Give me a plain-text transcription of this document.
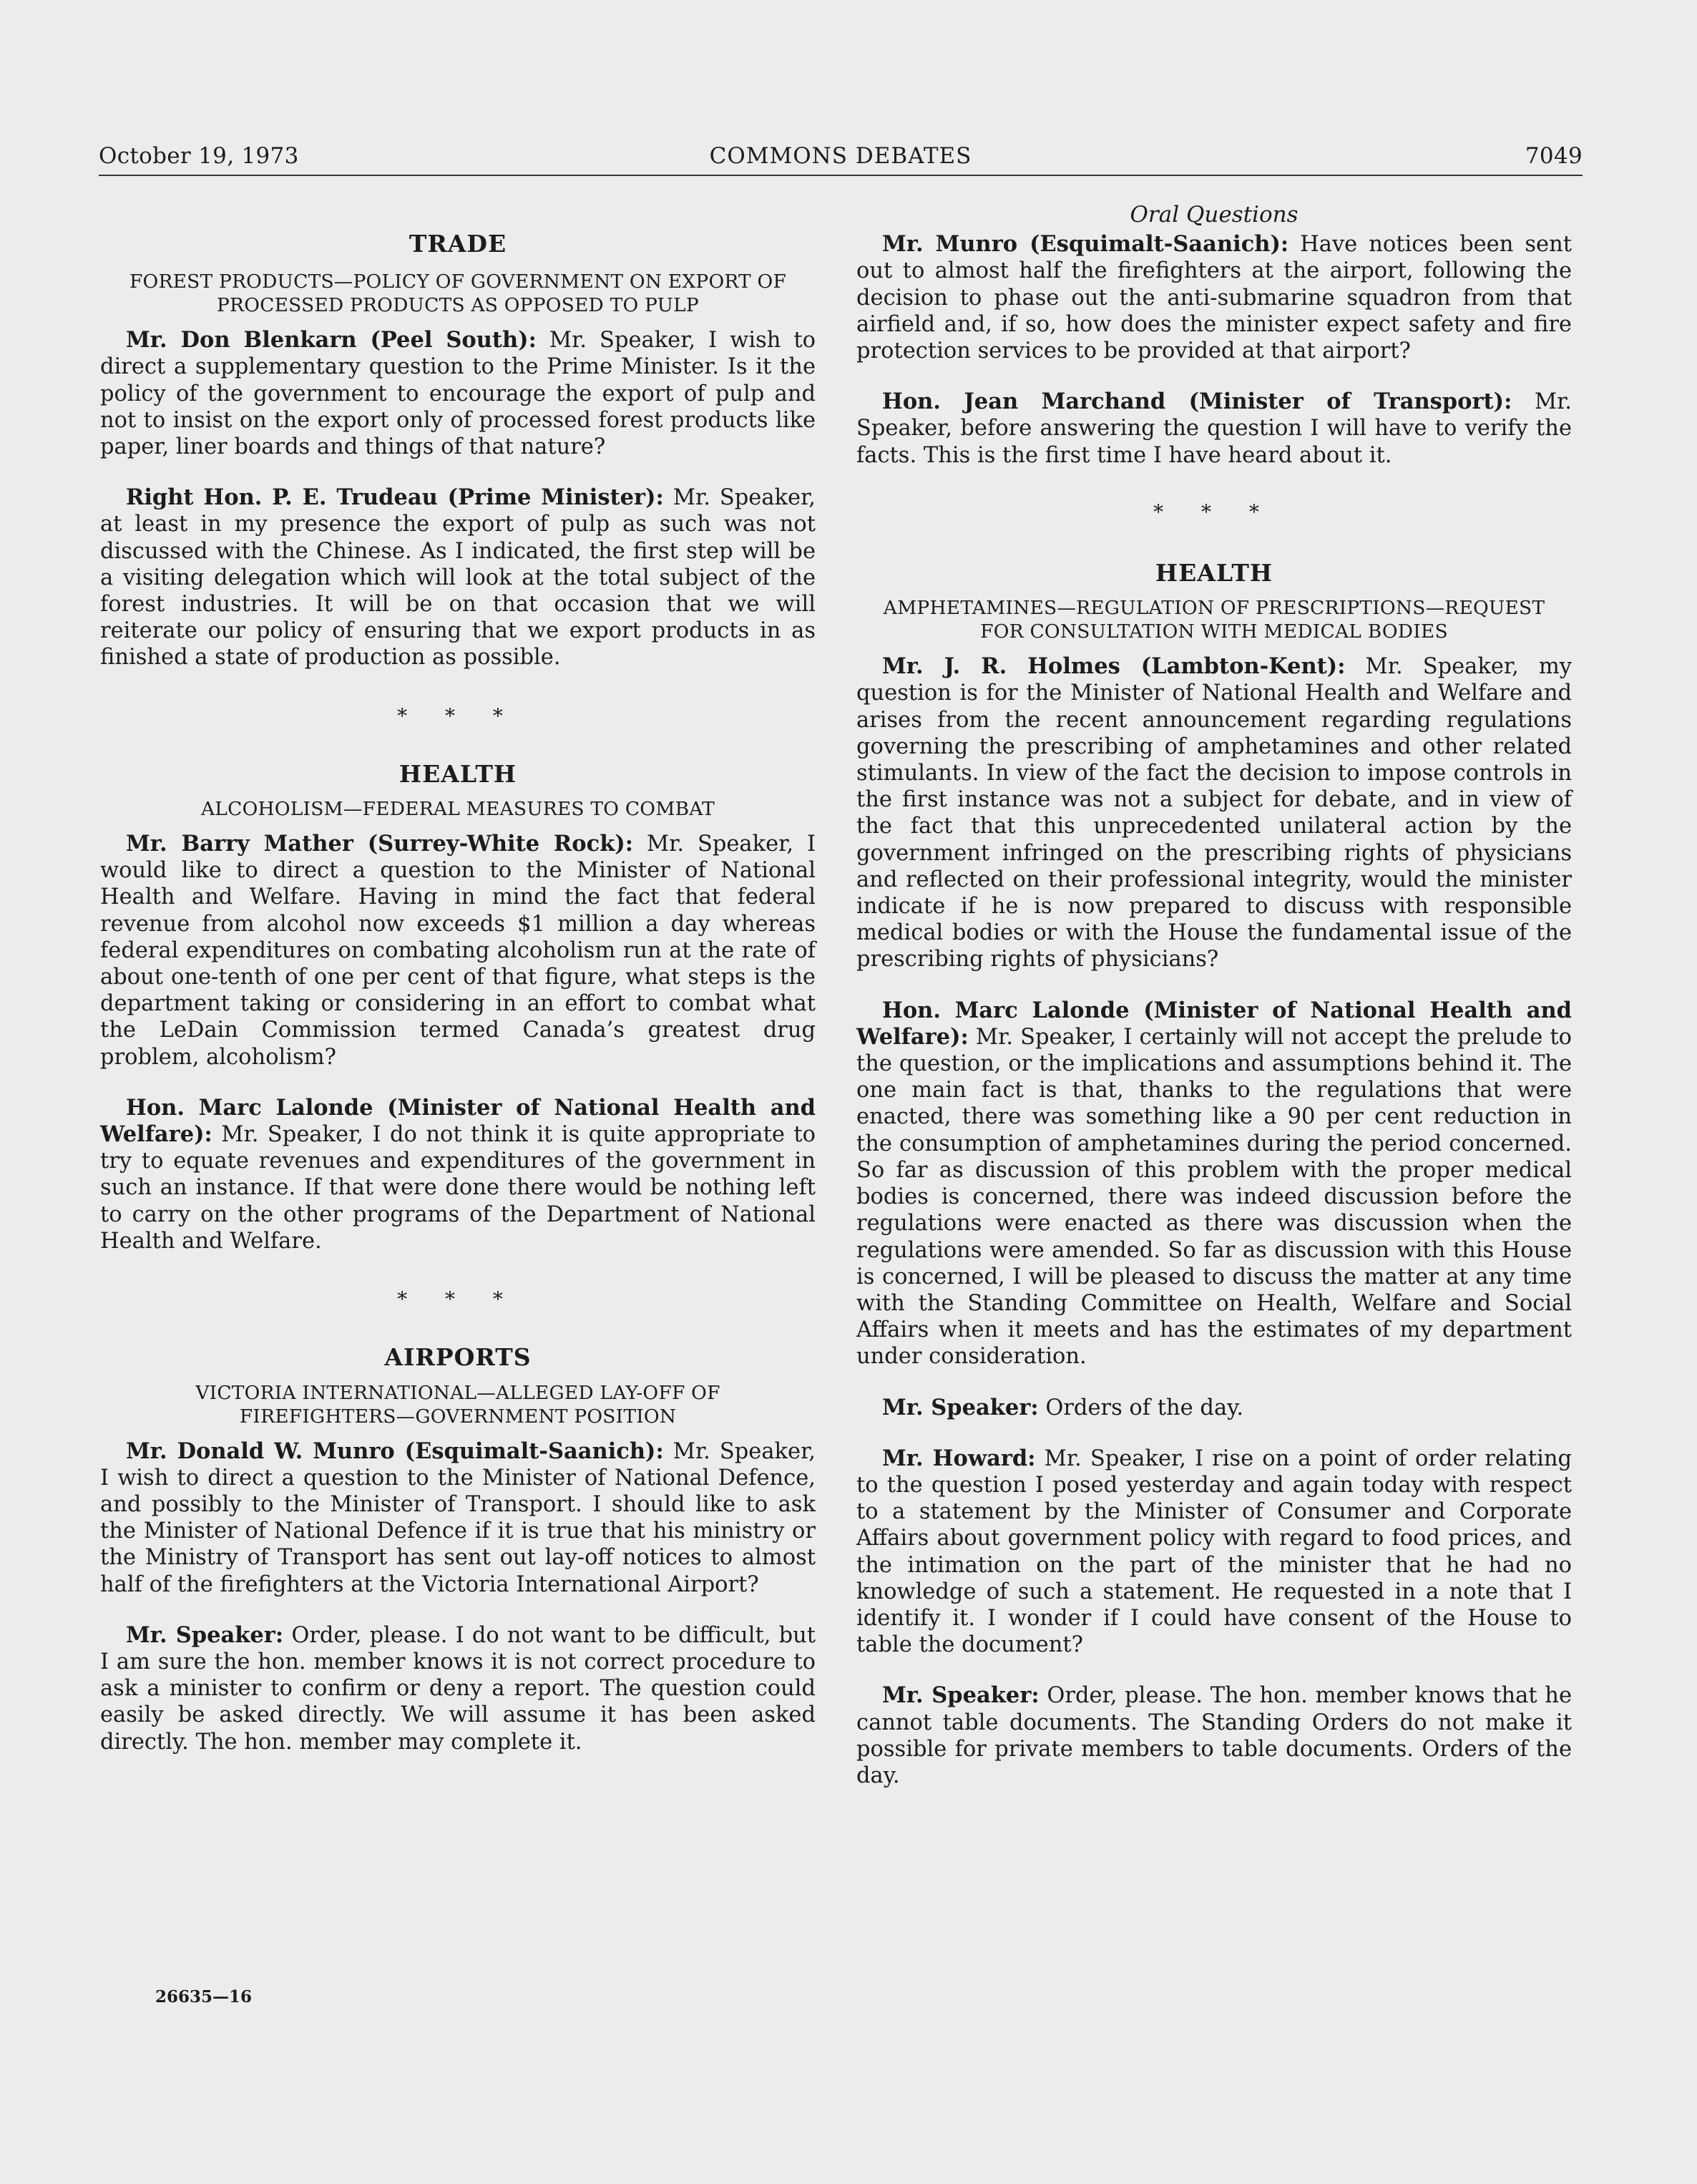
October 19, 1973	COMMONS DEBATES	7049

TRADE

FOREST PRODUCTS—POLICY OF GOVERNMENT ON EXPORT OF PROCESSED PRODUCTS AS OPPOSED TO PULP

Mr. Don Blenkarn (Peel South): Mr. Speaker, I wish to direct a supplementary question to the Prime Minister. Is it the policy of the government to encourage the export of pulp and not to insist on the export only of processed forest products like paper, liner boards and things of that nature?

Right Hon. P. E. Trudeau (Prime Minister): Mr. Speaker, at least in my presence the export of pulp as such was not discussed with the Chinese. As I indicated, the first step will be a visiting delegation which will look at the total subject of the forest industries. It will be on that occasion that we will reiterate our policy of ensuring that we export products in as finished a state of production as possible.

* * *

HEALTH

ALCOHOLISM—FEDERAL MEASURES TO COMBAT

Mr. Barry Mather (Surrey-White Rock): Mr. Speaker, I would like to direct a question to the Minister of National Health and Welfare. Having in mind the fact that federal revenue from alcohol now exceeds $1 million a day whereas federal expenditures on combating alcoholism run at the rate of about one-tenth of one per cent of that figure, what steps is the department taking or considering in an effort to combat what the LeDain Commission termed Canada’s greatest drug problem, alcoholism?

Hon. Marc Lalonde (Minister of National Health and Welfare): Mr. Speaker, I do not think it is quite appropriate to try to equate revenues and expenditures of the government in such an instance. If that were done there would be nothing left to carry on the other programs of the Department of National Health and Welfare.

* * *

AIRPORTS

VICTORIA INTERNATIONAL—ALLEGED LAY-OFF OF FIREFIGHTERS—GOVERNMENT POSITION

Mr. Donald W. Munro (Esquimalt-Saanich): Mr. Speaker, I wish to direct a question to the Minister of National Defence, and possibly to the Minister of Transport. I should like to ask the Minister of National Defence if it is true that his ministry or the Ministry of Transport has sent out lay-off notices to almost half of the firefighters at the Victoria International Airport?

Mr. Speaker: Order, please. I do not want to be difficult, but I am sure the hon. member knows it is not correct procedure to ask a minister to confirm or deny a report. The question could easily be asked directly. We will assume it has been asked directly. The hon. member may complete it.

Oral Questions

Mr. Munro (Esquimalt-Saanich): Have notices been sent out to almost half the firefighters at the airport, following the decision to phase out the anti-submarine squadron from that airfield and, if so, how does the minister expect safety and fire protection services to be provided at that airport?

Hon. Jean Marchand (Minister of Transport): Mr. Speaker, before answering the question I will have to verify the facts. This is the first time I have heard about it.

* * *

HEALTH

AMPHETAMINES—REGULATION OF PRESCRIPTIONS—REQUEST FOR CONSULTATION WITH MEDICAL BODIES

Mr. J. R. Holmes (Lambton-Kent): Mr. Speaker, my question is for the Minister of National Health and Welfare and arises from the recent announcement regarding regulations governing the prescribing of amphetamines and other related stimulants. In view of the fact the decision to impose controls in the first instance was not a subject for debate, and in view of the fact that this unprecedented unilateral action by the government infringed on the prescribing rights of physicians and reflected on their professional integrity, would the minister indicate if he is now prepared to discuss with responsible medical bodies or with the House the fundamental issue of the prescribing rights of physicians?

Hon. Marc Lalonde (Minister of National Health and Welfare): Mr. Speaker, I certainly will not accept the prelude to the question, or the implications and assumptions behind it. The one main fact is that, thanks to the regulations that were enacted, there was something like a 90 per cent reduction in the consumption of amphetamines during the period concerned. So far as discussion of this problem with the proper medical bodies is concerned, there was indeed discussion before the regulations were enacted as there was discussion when the regulations were amended. So far as discussion with this House is concerned, I will be pleased to discuss the matter at any time with the Standing Committee on Health, Welfare and Social Affairs when it meets and has the estimates of my department under consideration.

Mr. Speaker: Orders of the day.

Mr. Howard: Mr. Speaker, I rise on a point of order relating to the question I posed yesterday and again today with respect to a statement by the Minister of Consumer and Corporate Affairs about government policy with regard to food prices, and the intimation on the part of the minister that he had no knowledge of such a statement. He requested in a note that I identify it. I wonder if I could have consent of the House to table the document?

Mr. Speaker: Order, please. The hon. member knows that he cannot table documents. The Standing Orders do not make it possible for private members to table documents. Orders of the day.

26635—16
